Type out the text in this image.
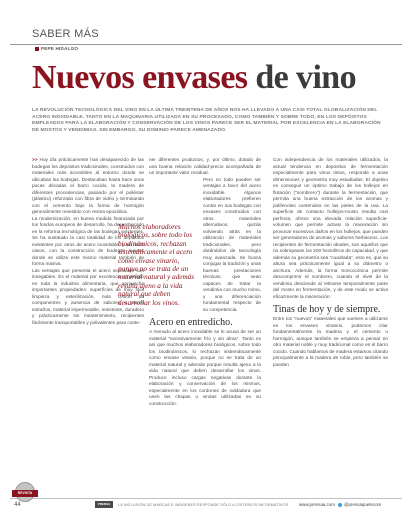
SABER MÁS
PEPE HIDALGO
Nuevos envases de vino
LA REVOLUCIÓN TECNOLÓGICA DEL VINO EN LA ÚLTIMA TREINTENA DE AÑOS NOS HA LLEVADO A UNA CASI TOTAL GLOBALIZACIÓN DEL ACERO INOXIDABLE. TANTO EN LA MAQUINARIA UTILIZADA EN SU PROCESADO, COMO TAMBIÉN Y SOBRE TODO, EN LOS DEPÓSITOS EMPLEADOS PARA LA ELABORACIÓN Y CONSERVACIÓN DE LOS VINOS PARECE SER EL MATERIAL POR EXCELENCIA EN LA ELABORACIÓN DE MOSTOS Y VENDIMIAS. SIN EMBARGO, SU DOMINIO PARECE AMENAZADO.

>> Hoy día prácticamente han desaparecido de las bodegas los depósitos tradicionales, construidos con materiales más accesibles al entorno donde se ubicaban las bodegas. Destacaban hasta hace unos pocas décadas el barro cocido, la madera de diferentes procedencias, pasando por el poliéster (plástico) reforzado con fibra de vidrio y terminando con el cemento bajo la forma de hormigón generalmente revestido con resina epoxídica.

La modernización, en buena medida financiada por los fondos europeos de desarrollo, ha desembocado en la reforma tecnológica de las bodegas existentes. Se ha sustituido la casi totalidad de los depósitos existentes por otros de acero inoxidable, y en otros casos, con la construcción de bodegas nuevas donde se utiliza este mismo material también de forma masiva.

Las ventajas que presenta el acero inoxidable son innegables. Es el material por excelencia empleado en toda la industria alimentaria, que aprovecha importantes propiedades: superficies de muy fácil limpieza y esterilización, nula cesión de componentes y ausencia de sabores u olores extraños, material impermeable, resistente, duradero y prácticamente sin mantenimiento, recipientes fácilmente transportables y polivalentes para conte-

ner diferentes productos, y, por último, dotado de una buena relación calidad-precio acompañada de un importante valor residual.

Pero no todo pueden ser ventajas a favor del acero inoxidable. Algunos elaboradores prefieren contar en sus bodegas con envases construidos con otros materiales alternativos, quizás volviendo atrás en la utilización de materiales tradicionales, pero dotándolos de tecnología muy avanzada. Se busca conjugar la tradición y unas buenas prestaciones técnicas, que sean capaces de tratar la vendimia con mucho mimo, y una diferenciación fundamental respecto de su competencia.

Acero en entredicho.
A menudo al acero inoxidable se le acusa de ser un material "excesivamente frío y sin alma". Tanto es así que muchos elaboradores biológicos, sobre todo los biodinámicos, lo rechazan sistemáticamente como envase vinario, porque no se trata de un material natural y además porque resulta ajeno a la vida natural que deben desarrollar los vinos. Produce incluso cargas negativas durante la elaboración y conservación de los mismos, especialmente en los cordones de soldadura que unen las chapas o virolas utilizadas en su construcción.

Muchos elaboradores biológicos, sobre todo los biodinámicos, rechazan sistemáticamente el acero como envase vinario, porque no se trata de un material natural y además resulta ajeno a la vida natural que deben desarrollar los vinos.

Con independencia de los materiales utilizados, la actual tendencia en depósitos de fermentación especialmente para vinos tintos, responde a unas dimensiones y geometría muy estudiadas. El objetivo es conseguir un óptimo trabajo de los hollejos en flotación ("sombrero") durante la fermentación, que permita una buena extracción de los aromas y polifenoles contenidos en las pieles de la uva. La superficie de contacto hollejos-mosto resulta casi perfecta, ofrece una elevada relación superficie-volumen que permite activar la maceración sin provocar excesivos daños en los hollejos, que pueden ser generadores de aromas y sabores herbáceos. Los recipientes de fermentación ideales, son aquellos que no sobrepasan los 200 hectolitros de capacidad, y que además su geometría sea "cuadrada", esto es, que su altura sea prácticamente igual a su diámetro o anchura. Además, la forma troncocónica permite descomprimir el sombrero, cuando el nivel de la vendimia desciende al retirarse temporalmente parte del mosto en fermentación, y de este modo se activa eficazmente la maceración.

Tinas de hoy y de siempre.
Entre los "nuevos" materiales que vuelven a utilizarse en los envases vinarios, podemos citar fundamentalmente la madera y el cemento u hormigón, aunque también se empieza a pensar en otro material noble y muy tradicional como es el barro cocido. Cuando hablamos de madera estamos citando principalmente a la madera de roble, pero también se pueden

REVISTA
44	PRENSA	LA INCLUSIÓN DE MARCAS E IMÁGENES RESPONDE SÓLO A CRITERIOS INFORMATIVOS www.prensaa.com	@prensaquetecom
